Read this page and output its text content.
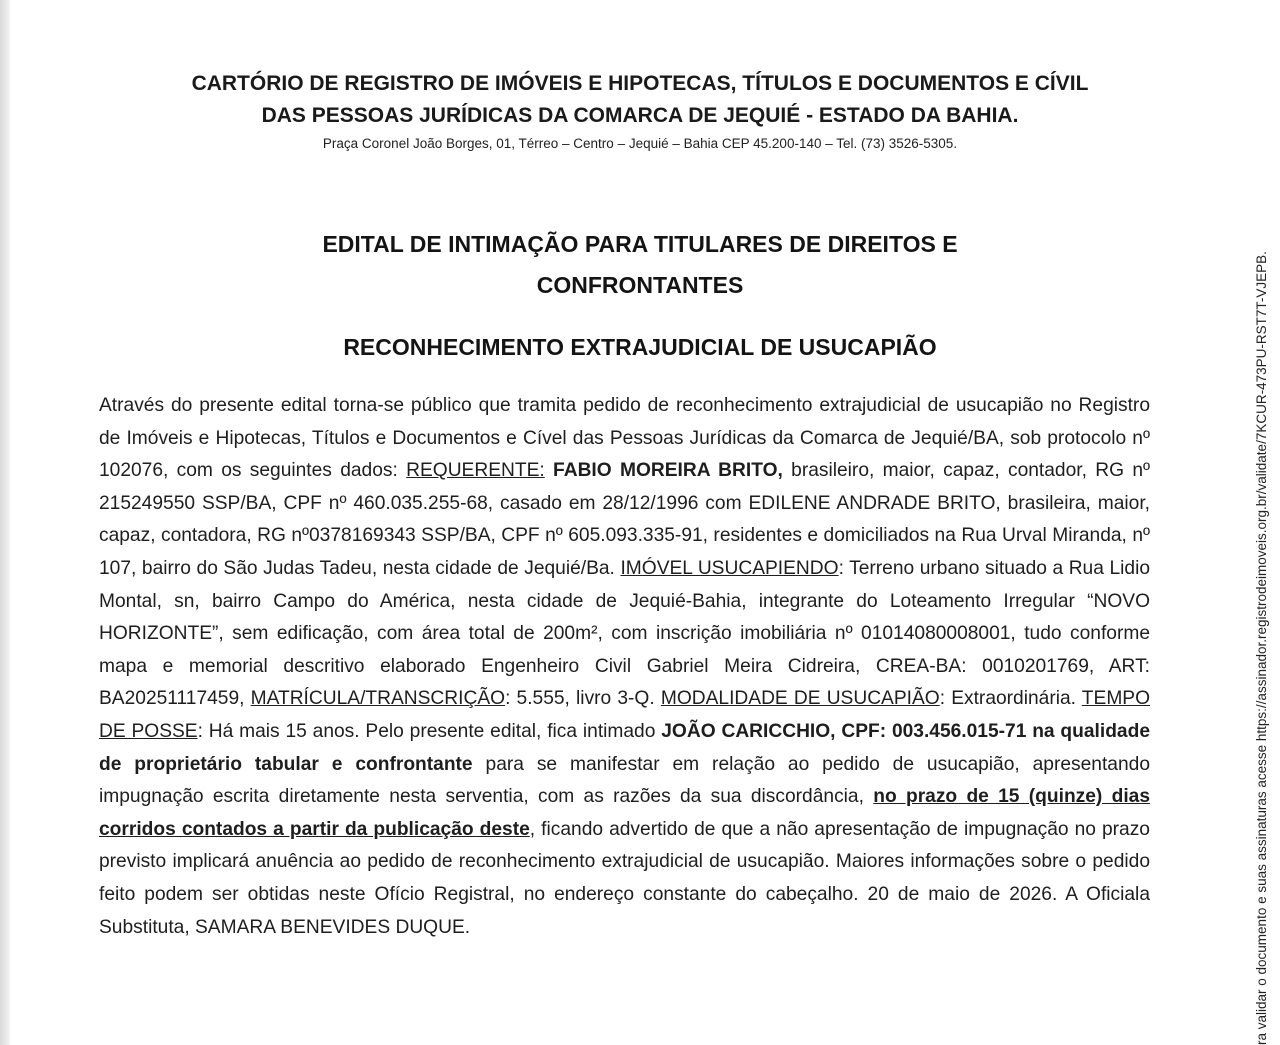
CARTÓRIO DE REGISTRO DE IMÓVEIS E HIPOTECAS, TÍTULOS E DOCUMENTOS E CÍVIL
DAS PESSOAS JURÍDICAS DA COMARCA DE JEQUIÉ - ESTADO DA BAHIA.
Praça Coronel João Borges, 01, Térreo – Centro – Jequié – Bahia CEP 45.200-140 – Tel. (73) 3526-5305.
EDITAL DE INTIMAÇÃO PARA TITULARES DE DIREITOS E
CONFRONTANTES
RECONHECIMENTO EXTRAJUDICIAL DE USUCAPIÃO
Através do presente edital torna-se público que tramita pedido de reconhecimento extrajudicial de usucapião no Registro de Imóveis e Hipotecas, Títulos e Documentos e Cível das Pessoas Jurídicas da Comarca de Jequié/BA, sob protocolo nº 102076, com os seguintes dados: REQUERENTE: FABIO MOREIRA BRITO, brasileiro, maior, capaz, contador, RG nº 215249550 SSP/BA, CPF nº 460.035.255-68, casado em 28/12/1996 com EDILENE ANDRADE BRITO, brasileira, maior, capaz, contadora, RG nº0378169343 SSP/BA, CPF nº 605.093.335-91, residentes e domiciliados na Rua Urval Miranda, nº 107, bairro do São Judas Tadeu, nesta cidade de Jequié/Ba. IMÓVEL USUCAPIENDO: Terreno urbano situado a Rua Lidio Montal, sn, bairro Campo do América, nesta cidade de Jequié-Bahia, integrante do Loteamento Irregular “NOVO HORIZONTE”, sem edificação, com área total de 200m², com inscrição imobiliária nº 01014080008001, tudo conforme mapa e memorial descritivo elaborado Engenheiro Civil Gabriel Meira Cidreira, CREA-BA: 0010201769, ART: BA20251117459, MATRÍCULA/TRANSCRIÇÃO: 5.555, livro 3-Q. MODALIDADE DE USUCAPIÃO: Extraordinária. TEMPO DE POSSE: Há mais 15 anos. Pelo presente edital, fica intimado JOÃO CARICCHIO, CPF: 003.456.015-71 na qualidade de proprietário tabular e confrontante para se manifestar em relação ao pedido de usucapião, apresentando impugnação escrita diretamente nesta serventia, com as razões da sua discordância, no prazo de 15 (quinze) dias corridos contados a partir da publicação deste, ficando advertido de que a não apresentação de impugnação no prazo previsto implicará anuência ao pedido de reconhecimento extrajudicial de usucapião. Maiores informações sobre o pedido feito podem ser obtidas neste Ofício Registral, no endereço constante do cabeçalho. 20 de maio de 2026. A Oficiala Substituta, SAMARA BENEVIDES DUQUE.	ra validar o documento e suas assinaturas acesse https://assinador.registrodeimoveis.org.br/validate/7KCUR-473PU-RST7T-VJEPB.
